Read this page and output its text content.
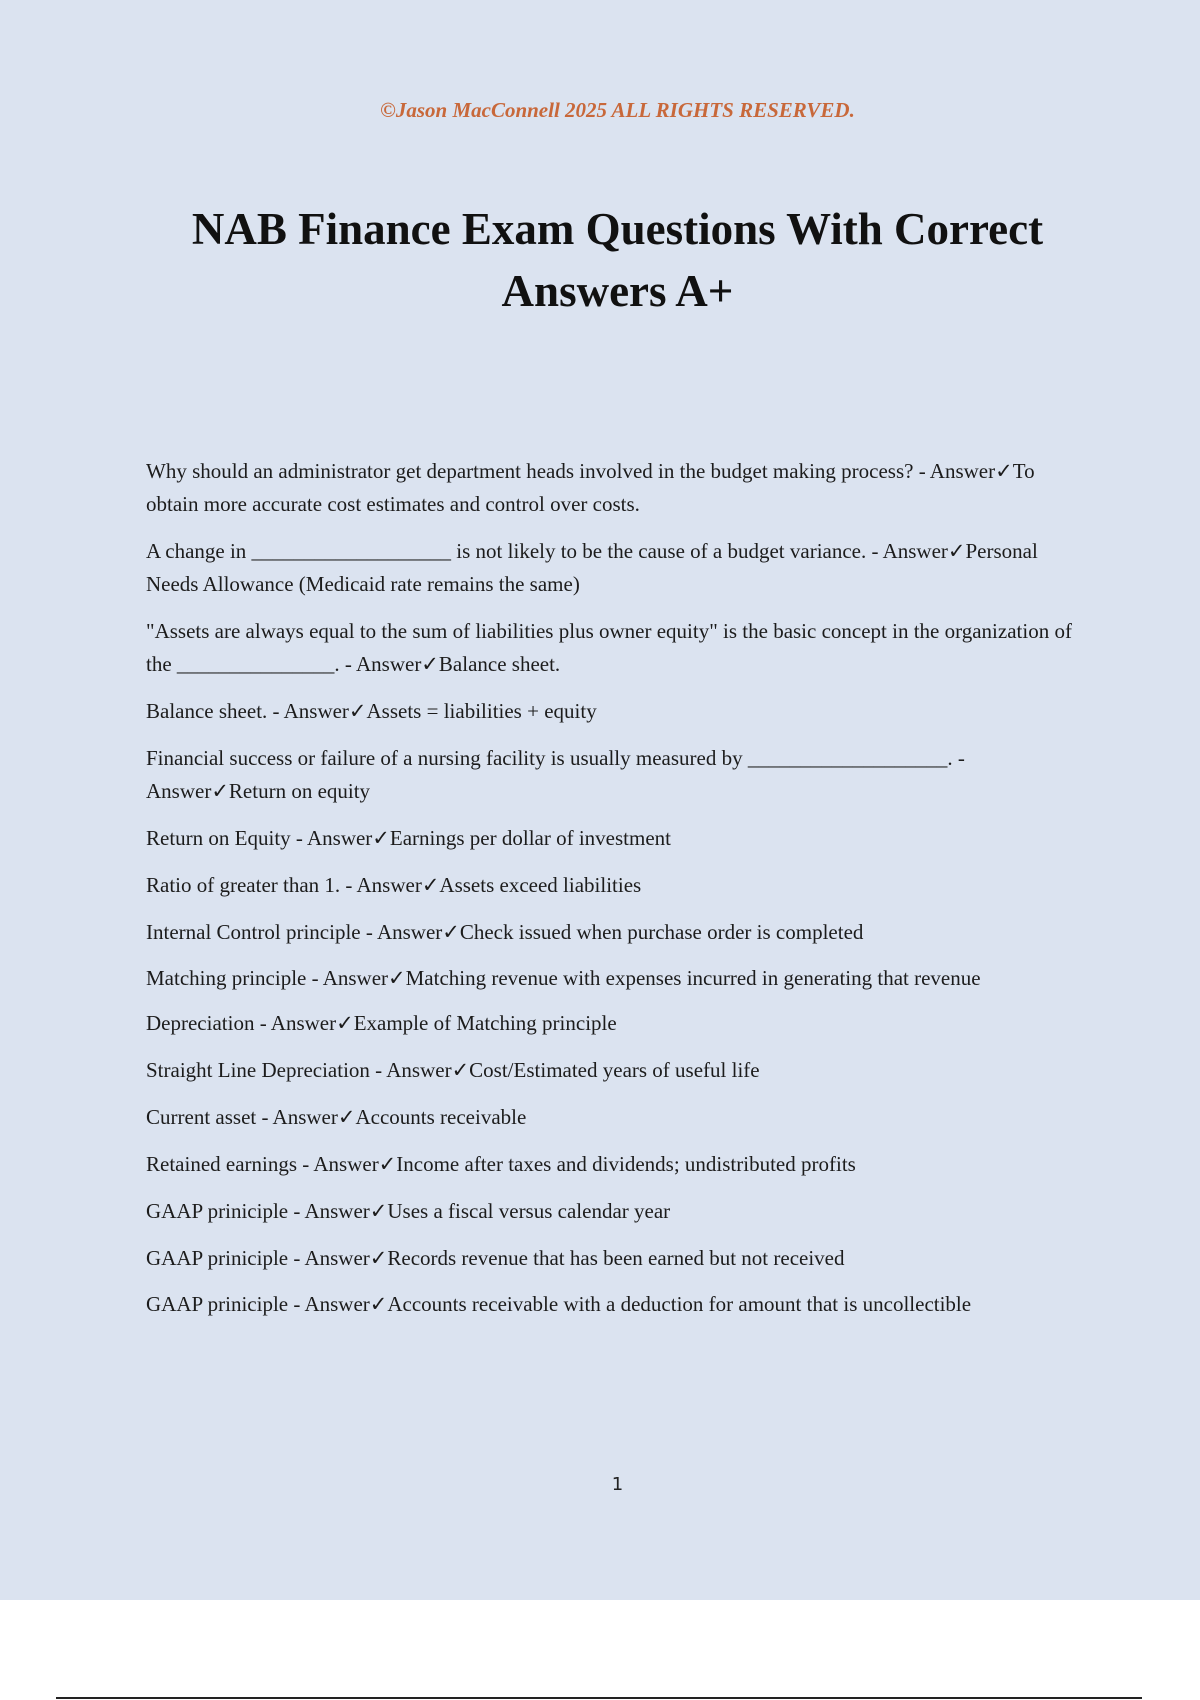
©Jason MacConnell 2025 ALL RIGHTS RESERVED.

NAB Finance Exam Questions With Correct Answers A+
Why should an administrator get department heads involved in the budget making process? - Answer✓To obtain more accurate cost estimates and control over costs.
A change in ___________________ is not likely to be the cause of a budget variance. - Answer✓Personal Needs Allowance (Medicaid rate remains the same)
"Assets are always equal to the sum of liabilities plus owner equity" is the basic concept in the organization of the _______________. - Answer✓Balance sheet.
Balance sheet. - Answer✓Assets = liabilities + equity
Financial success or failure of a nursing facility is usually measured by ___________________. - Answer✓Return on equity
Return on Equity - Answer✓Earnings per dollar of investment
Ratio of greater than 1. - Answer✓Assets exceed liabilities
Internal Control principle - Answer✓Check issued when purchase order is completed
Matching principle - Answer✓Matching revenue with expenses incurred in generating that revenue
Depreciation - Answer✓Example of Matching principle
Straight Line Depreciation - Answer✓Cost/Estimated years of useful life
Current asset - Answer✓Accounts receivable
Retained earnings - Answer✓Income after taxes and dividends; undistributed profits
GAAP priniciple - Answer✓Uses a fiscal versus calendar year
GAAP priniciple - Answer✓Records revenue that has been earned but not received
GAAP priniciple - Answer✓Accounts receivable with a deduction for amount that is uncollectible

1
